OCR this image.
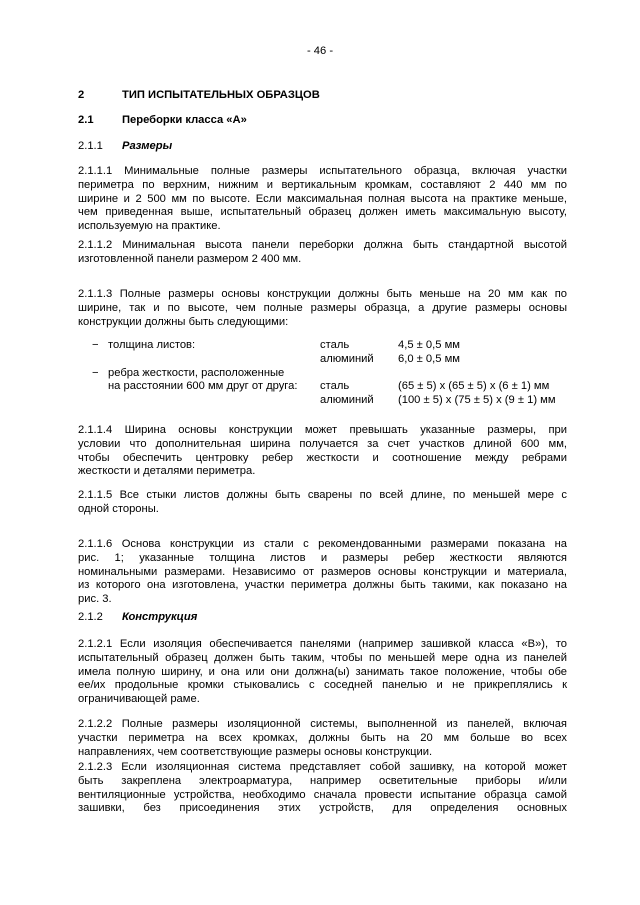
- 46 -
2	ТИП ИСПЫТАТЕЛЬНЫХ ОБРАЗЦОВ
2.1	Переборки класса «А»
2.1.1 Размеры
2.1.1.1 Минимальные полные размеры испытательного образца, включая участки
периметра по верхним, нижним и вертикальным кромкам, составляют 2 440 мм по
ширине и 2 500 мм по высоте. Если максимальная полная высота на практике меньше,
чем приведенная выше, испытательный образец должен иметь максимальную высоту,
используемую на практике.
2.1.1.2 Минимальная высота панели переборки должна быть стандартной высотой
изготовленной панели размером 2 400 мм.
2.1.1.3 Полные размеры основы конструкции должны быть меньше на 20 мм как по
ширине, так и по высоте, чем полные размеры образца, а другие размеры основы
конструкции должны быть следующими:
− толщина листов:	сталь	4,5 ± 0,5 мм
алюминий 6,0 ± 0,5 мм
− ребра жесткости, расположенные
на расстоянии 600 мм друг от друга: сталь	(65 ± 5) x (65 ± 5) x (6 ± 1) мм
алюминий (100 ± 5) x (75 ± 5) x (9 ± 1) мм
2.1.1.4 Ширина основы конструкции может превышать указанные размеры, при
условии что дополнительная ширина получается за счет участков длиной 600 мм,
чтобы обеспечить центровку ребер жесткости и соотношение между ребрами
жесткости и деталями периметра.
2.1.1.5 Все стыки листов должны быть сварены по всей длине, по меньшей мере с
одной стороны.
2.1.1.6 Основа конструкции из стали с рекомендованными размерами показана на
рис. 1; указанные толщина листов и размеры ребер жесткости являются
номинальными размерами. Независимо от размеров основы конструкции и материала,
из которого она изготовлена, участки периметра должны быть такими, как показано на
рис. 3.
2.1.2 Конструкция
2.1.2.1 Если изоляция обеспечивается панелями (например зашивкой класса «В»), то
испытательный образец должен быть таким, чтобы по меньшей мере одна из панелей
имела полную ширину, и она или они должна(ы) занимать такое положение, чтобы обе
ее/их продольные кромки стыковались с соседней панелью и не прикреплялись к
ограничивающей раме.
2.1.2.2 Полные размеры изоляционной системы, выполненной из панелей, включая
участки периметра на всех кромках, должны быть на 20 мм больше во всех
направлениях, чем соответствующие размеры основы конструкции.
2.1.2.3 Если изоляционная система представляет собой зашивку, на которой может
быть закреплена электроарматура, например осветительные приборы и/или
вентиляционные устройства, необходимо сначала провести испытание образца самой
зашивки, без присоединения этих устройств, для определения основных
